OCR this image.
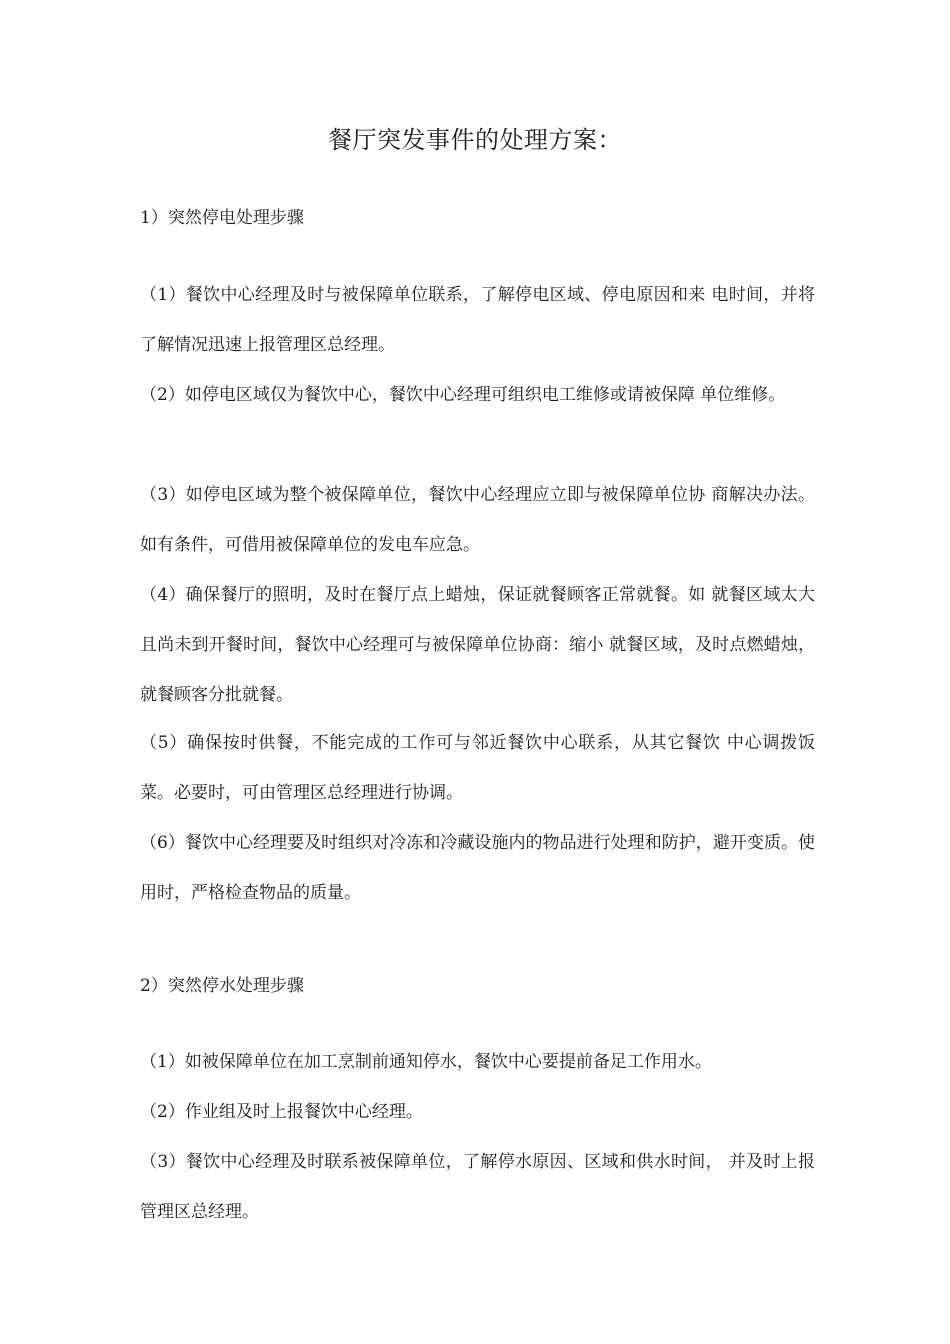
餐厅突发事件的处理方案：
1）突然停电处理步骤

（1）餐饮中心经理及时与被保障单位联系，了解停电区域、停电原因和来 电时间，并将了解情况迅速上报管理区总经理。

（2）如停电区域仅为餐饮中心，餐饮中心经理可组织电工维修或请被保障 单位维修。

（3）如停电区域为整个被保障单位，餐饮中心经理应立即与被保障单位协 商解决办法。如有条件，可借用被保障单位的发电车应急。

（4）确保餐厅的照明，及时在餐厅点上蜡烛，保证就餐顾客正常就餐。如 就餐区域太大且尚未到开餐时间，餐饮中心经理可与被保障单位协商：缩小 就餐区域，及时点燃蜡烛，就餐顾客分批就餐。

（5）确保按时供餐，不能完成的工作可与邻近餐饮中心联系，从其它餐饮 中心调拨饭菜。必要时，可由管理区总经理进行协调。

（6）餐饮中心经理要及时组织对冷冻和冷藏设施内的物品进行处理和防护，避开变质。使用时，严格检查物品的质量。

2）突然停水处理步骤

（1）如被保障单位在加工烹制前通知停水，餐饮中心要提前备足工作用水。

（2）作业组及时上报餐饮中心经理。

（3）餐饮中心经理及时联系被保障单位，了解停水原因、区域和供水时间， 并及时上报管理区总经理。
